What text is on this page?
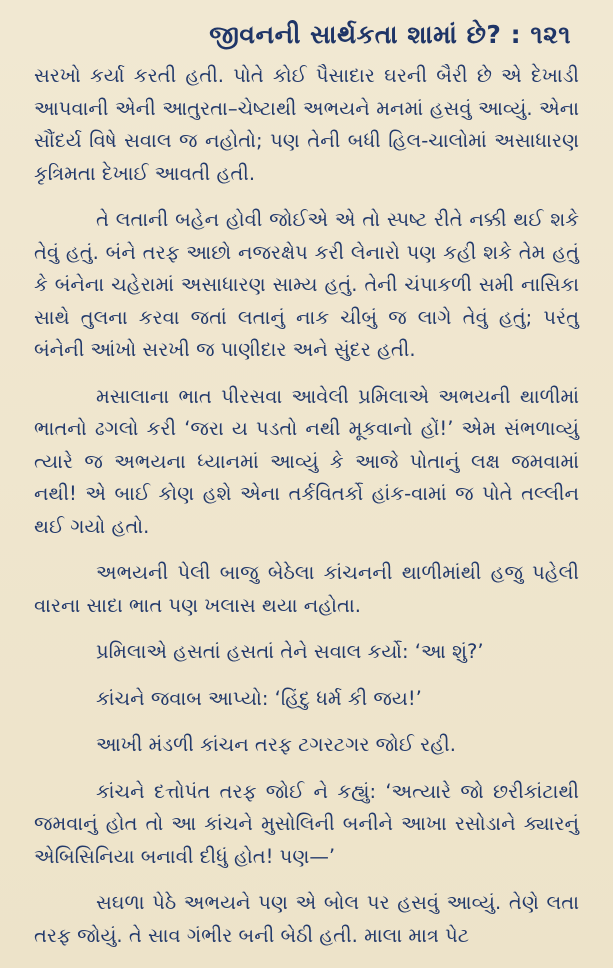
જીવનની સાર્થકતા શામાં છે? : ૧૨૧

સરખો કર્યા કરતી હતી. પોતે કોઈ પૈસાદાર ઘરની બૈરી છે એ દેખાડી આપવાની એની આતુરતા–ચેષ્ટાથી અભયને મનમાં હસવું આવ્યું. એના સૌંદર્ય વિષે સવાલ જ નહોતો; પણ તેની બધી હિલ-ચાલોમાં અસાધારણ કૃત્રિમતા દેખાઈ આવતી હતી.

તે લતાની બહેન હોવી જોઈએ એ તો સ્પષ્ટ રીતે નક્કી થઈ શકે તેવું હતું. બંને તરફ આછો નજરક્ષેપ કરી લેનારો પણ કહી શકે તેમ હતું કે બંનેના ચહેરામાં અસાધારણ સામ્ય હતું. તેની ચંપાકળી સમી નાસિકા સાથે તુલના કરવા જતાં લતાનું નાક ચીબું જ લાગે તેવું હતું; પરંતુ બંનેની આંખો સરખી જ પાણીદાર અને સુંદર હતી.

મસાલાના ભાત પીરસવા આવેલી પ્રમિલાએ અભયની થાળીમાં ભાતનો ઢગલો કરી ‘જરા ય પડતો નથી મૂકવાનો હોં!’ એમ સંભળાવ્યું ત્યારે જ અભયના ધ્યાનમાં આવ્યું કે આજે પોતાનું લક્ષ જમવામાં નથી! એ બાઈ કોણ હશે એના તર્કવિતર્કો હાંક-વામાં જ પોતે તલ્લીન થઈ ગયો હતો.

અભયની પેલી બાજુ બેઠેલા કાંચનની થાળીમાંથી હજુ પહેલી વારના સાદા ભાત પણ ખલાસ થયા નહોતા.

પ્રમિલાએ હસતાં હસતાં તેને સવાલ કર્યો: ‘આ શું?’

કાંચને જવાબ આપ્યો: ‘હિંદુ ધર્મ કી જય!’

આખી મંડળી કાંચન તરફ ટગરટગર જોઈ રહી.

કાંચને દત્તોપંત તરફ જોઈ ને કહ્યું: ‘અત્યારે જો છરીકાંટાથી જમવાનું હોત તો આ કાંચને મુસોલિની બનીને આખા રસોડાને ક્યારનું એબિસિનિયા બનાવી દીધું હોત! પણ—’

સઘળા પેઠે અભયને પણ એ બોલ પર હસવું આવ્યું. તેણે લતા તરફ જોયું. તે સાવ ગંભીર બની બેઠી હતી. માલા માત્ર પેટ
